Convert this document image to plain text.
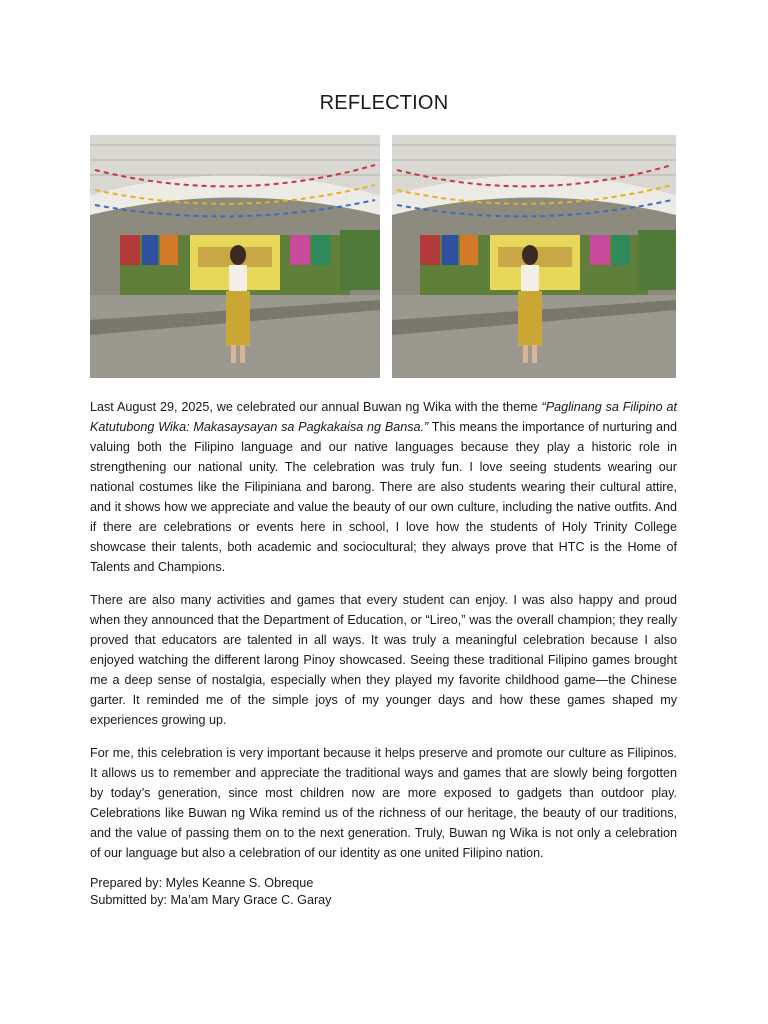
REFLECTION

Last August 29, 2025, we celebrated our annual Buwan ng Wika with the theme “Paglinang sa Filipino at Katutubong Wika: Makasaysayan sa Pagkakaisa ng Bansa.” This means the importance of nurturing and valuing both the Filipino language and our native languages because they play a historic role in strengthening our national unity. The celebration was truly fun. I love seeing students wearing our national costumes like the Filipiniana and barong. There are also students wearing their cultural attire, and it shows how we appreciate and value the beauty of our own culture, including the native outfits. And if there are celebrations or events here in school, I love how the students of Holy Trinity College showcase their talents, both academic and sociocultural; they always prove that HTC is the Home of Talents and Champions.

There are also many activities and games that every student can enjoy. I was also happy and proud when they announced that the Department of Education, or “Lireo,” was the overall champion; they really proved that educators are talented in all ways. It was truly a meaningful celebration because I also enjoyed watching the different larong Pinoy showcased. Seeing these traditional Filipino games brought me a deep sense of nostalgia, especially when they played my favorite childhood game—the Chinese garter. It reminded me of the simple joys of my younger days and how these games shaped my experiences growing up.

For me, this celebration is very important because it helps preserve and promote our culture as Filipinos. It allows us to remember and appreciate the traditional ways and games that are slowly being forgotten by today’s generation, since most children now are more exposed to gadgets than outdoor play. Celebrations like Buwan ng Wika remind us of the richness of our heritage, the beauty of our traditions, and the value of passing them on to the next generation. Truly, Buwan ng Wika is not only a celebration of our language but also a celebration of our identity as one united Filipino nation.

Prepared by: Myles Keanne S. Obreque
Submitted by: Ma’am Mary Grace C. Garay
